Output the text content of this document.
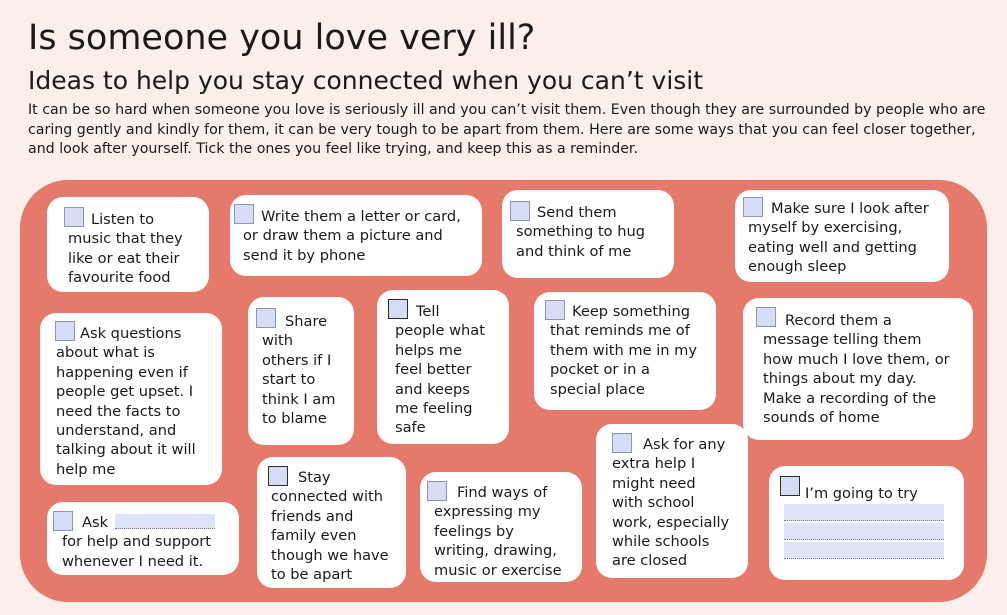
Is someone you love very ill?
Ideas to help you stay connected when you can’t visit

It can be so hard when someone you love is seriously ill and you can’t visit them. Even though they are surrounded by people who are caring gently and kindly for them, it can be very tough to be apart from them. Here are some ways that you can feel closer together, and look after yourself. Tick the ones you feel like trying, and keep this as a reminder.

Listen to
music that they
like or eat their
favourite food

Write them a letter or card,
or draw them a picture and
send it by phone

Send them
something to hug
and think of me

Make sure I look after
myself by exercising,
eating well and getting
enough sleep

Ask questions
about what is
happening even if
people get upset. I
need the facts to
understand, and
talking about it will
help me

Share
with
others if I
start to
think I am
to blame

Tell
people what
helps me
feel better
and keeps
me feeling
safe

Keep something
that reminds me of
them with me in my
pocket or in a
special place

Record them a
message telling them
how much I love them, or
things about my day.
Make a recording of the
sounds of home

Ask
for help and support
whenever I need it.

Stay
connected with
friends and
family even
though we have
to be apart

Find ways of
expressing my
feelings by
writing, drawing,
music or exercise

Ask for any
extra help I
might need
with school
work, especially
while schools
are closed

I’m going to try
